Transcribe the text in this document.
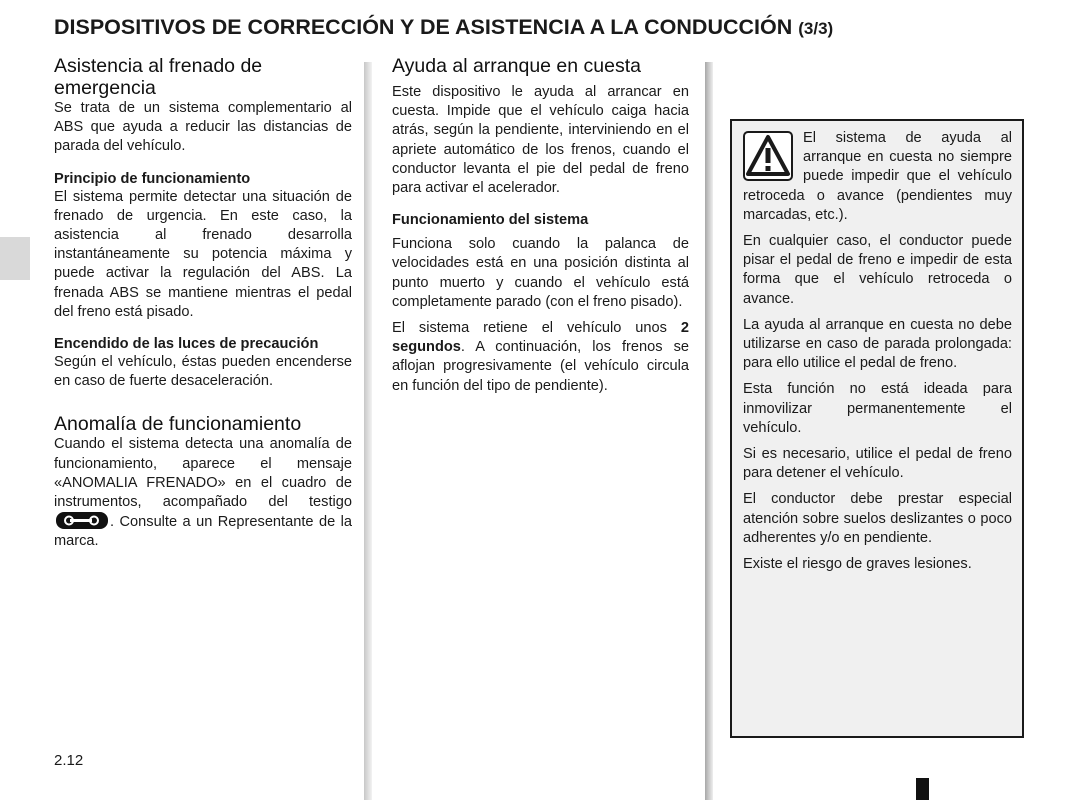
DISPOSITIVOS DE CORRECCIÓN Y DE ASISTENCIA A LA CONDUCCIÓN (3/3)
Asistencia al frenado de emergencia

Se trata de un sistema complementario al ABS que ayuda a reducir las distancias de parada del vehículo.

Principio de funcionamiento

El sistema permite detectar una situación de frenado de urgencia. En este caso, la asistencia al frenado desarrolla instantáneamente su potencia máxima y puede activar la regulación del ABS. La frenada ABS se mantiene mientras el pedal del freno está pisado.

Encendido de las luces de precaución

Según el vehículo, éstas pueden encenderse en caso de fuerte desaceleración.

Anomalía de funcionamiento

Cuando el sistema detecta una anomalía de funcionamiento, aparece el mensaje «ANOMALIA FRENADO» en el cuadro de instrumentos, acompañado del testigo
. Consulte a un Representante de la marca.

Ayuda al arranque en cuesta

Este dispositivo le ayuda al arrancar en cuesta. Impide que el vehículo caiga hacia atrás, según la pendiente, interviniendo en el apriete automático de los frenos, cuando el conductor levanta el pie del pedal de freno para activar el acelerador.

Funcionamiento del sistema

Funciona solo cuando la palanca de velocidades está en una posición distinta al punto muerto y cuando el vehículo está completamente parado (con el freno pisado).

El sistema retiene el vehículo unos 2 segundos. A continuación, los frenos se aflojan progresivamente (el vehículo circula en función del tipo de pendiente).

El sistema de ayuda al arranque en cuesta no siempre puede impedir que el vehículo retroceda o avance (pendientes muy marcadas, etc.).

En cualquier caso, el conductor puede pisar el pedal de freno e impedir de esta forma que el vehículo retroceda o avance.

La ayuda al arranque en cuesta no debe utilizarse en caso de parada prolongada: para ello utilice el pedal de freno.

Esta función no está ideada para inmovilizar permanentemente el vehículo.

Si es necesario, utilice el pedal de freno para detener el vehículo.

El conductor debe prestar especial atención sobre suelos deslizantes o poco adherentes y/o en pendiente.

Existe el riesgo de graves lesiones.

2.12
